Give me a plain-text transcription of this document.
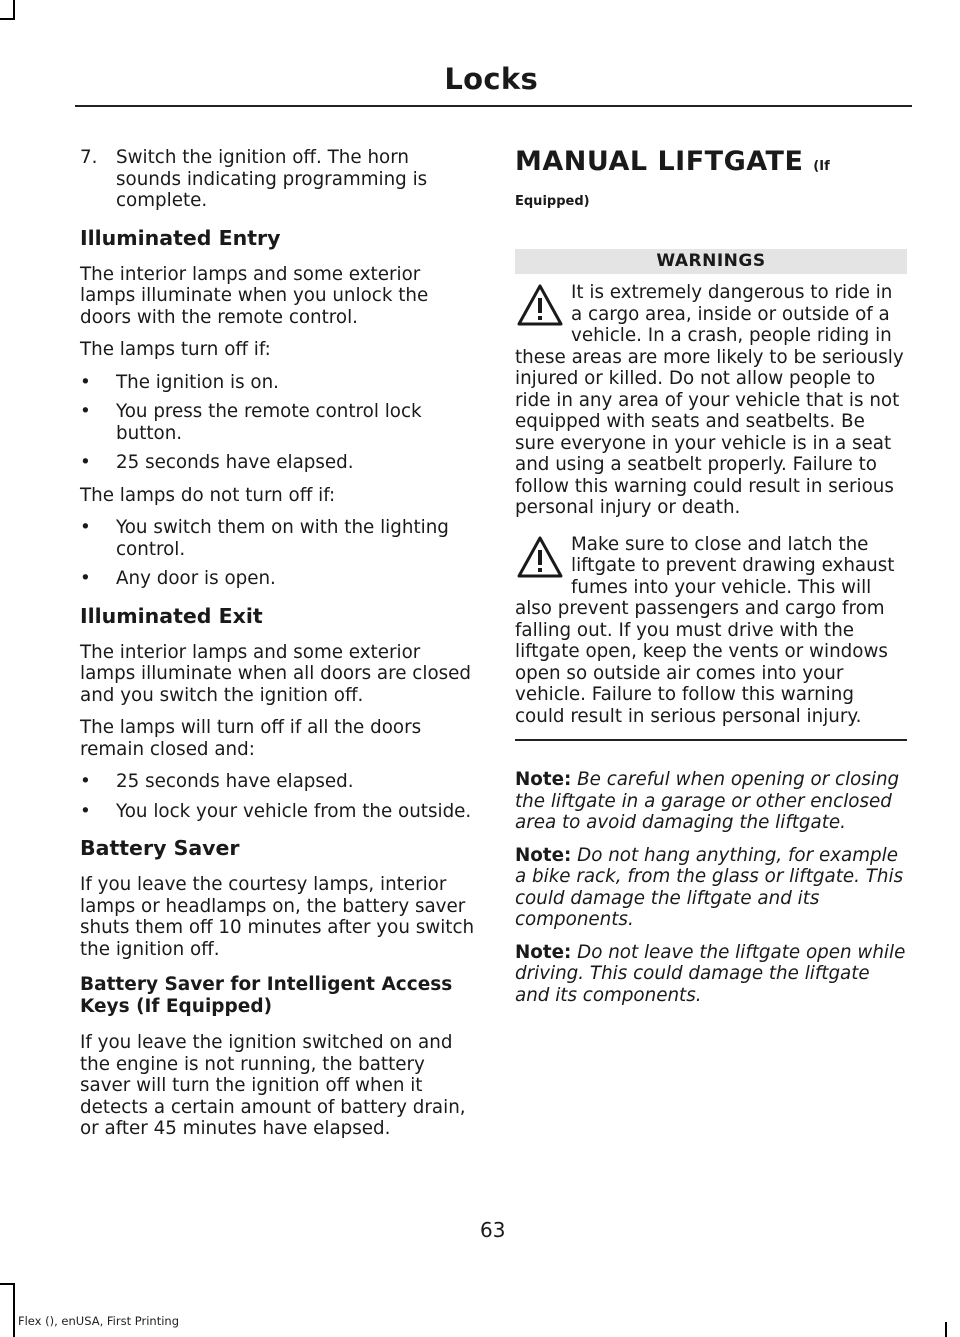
Locks
7.	Switch the ignition off. The horn sounds indicating programming is complete.
Illuminated Entry

The interior lamps and some exterior lamps illuminate when you unlock the doors with the remote control.

The lamps turn off if:

•	The ignition is on.
•	You press the remote control lock button.
•	25 seconds have elapsed.

The lamps do not turn off if:

•	You switch them on with the lighting control.
•	Any door is open.
Illuminated Exit

The interior lamps and some exterior lamps illuminate when all doors are closed and you switch the ignition off.

The lamps will turn off if all the doors remain closed and:

•	25 seconds have elapsed.
•	You lock your vehicle from the outside.
Battery Saver

If you leave the courtesy lamps, interior lamps or headlamps on, the battery saver shuts them off 10 minutes after you switch the ignition off.

Battery Saver for Intelligent Access Keys (If Equipped)

If you leave the ignition switched on and the engine is not running, the battery saver will turn the ignition off when it detects a certain amount of battery drain, or after 45 minutes have elapsed.

MANUAL LIFTGATE (If Equipped)
WARNINGS
It is extremely dangerous to ride in a cargo area, inside or outside of a vehicle. In a crash, people riding in these areas are more likely to be seriously injured or killed. Do not allow people to ride in any area of your vehicle that is not equipped with seats and seatbelts. Be sure everyone in your vehicle is in a seat and using a seatbelt properly. Failure to follow this warning could result in serious personal injury or death.
Make sure to close and latch the liftgate to prevent drawing exhaust fumes into your vehicle. This will also prevent passengers and cargo from falling out. If you must drive with the liftgate open, keep the vents or windows open so outside air comes into your vehicle. Failure to follow this warning could result in serious personal injury.

Note: Be careful when opening or closing the liftgate in a garage or other enclosed area to avoid damaging the liftgate.

Note: Do not hang anything, for example a bike rack, from the glass or liftgate. This could damage the liftgate and its components.

Note: Do not leave the liftgate open while driving. This could damage the liftgate and its components.

63
Flex (), enUSA, First Printing
